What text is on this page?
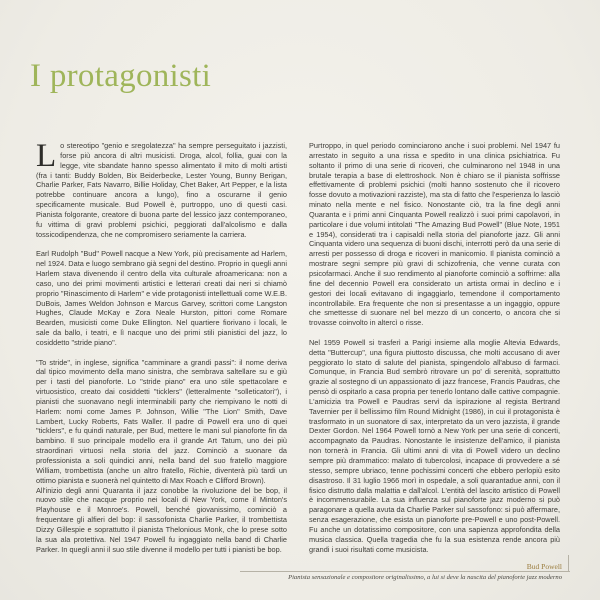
I protagonisti

Lo stereotipo "genio e sregolatezza" ha sempre perseguitato i jazzisti, forse più ancora di altri musicisti. Droga, alcol, follia, guai con la legge, vite sbandate hanno spesso alimentato il mito di molti artisti (fra i tanti: Buddy Bolden, Bix Beiderbecke, Lester Young, Bunny Berigan, Charlie Parker, Fats Navarro, Billie Holiday, Chet Baker, Art Pepper, e la lista potrebbe continuare ancora a lungo), fino a oscurarne il genio specificamente musicale. Bud Powell è, purtroppo, uno di questi casi. Pianista folgorante, creatore di buona parte del lessico jazz contemporaneo, fu vittima di gravi problemi psichici, peggiorati dall'alcolismo e dalla tossicodipendenza, che ne compromisero seriamente la carriera.

Earl Rudolph "Bud" Powell nacque a New York, più precisamente ad Harlem, nel 1924. Data e luogo sembrano già segni del destino. Proprio in quegli anni Harlem stava divenendo il centro della vita culturale afroamericana: non a caso, uno dei primi movimenti artistici e letterari creati dai neri si chiamò proprio "Rinascimento di Harlem" e vide protagonisti intellettuali come W.E.B. DuBois, James Weldon Johnson e Marcus Garvey, scrittori come Langston Hughes, Claude McKay e Zora Neale Hurston, pittori come Romare Bearden, musicisti come Duke Ellington. Nel quartiere fiorivano i locali, le sale da ballo, i teatri, e lì nacque uno dei primi stili pianistici del jazz, lo cosiddetto "stride piano".

"To stride", in inglese, significa "camminare a grandi passi": il nome deriva dal tipico movimento della mano sinistra, che sembrava saltellare su e giù per i tasti del pianoforte. Lo "stride piano" era uno stile spettacolare e virtuosistico, creato dai cosiddetti "ticklers" (letteralmente "solleticatori"), i pianisti che suonavano negli interminabili party che riempivano le notti di Harlem: nomi come James P. Johnson, Willie "The Lion" Smith, Dave Lambert, Lucky Roberts, Fats Waller. Il padre di Powell era uno di quei "ticklers", e fu quindi naturale, per Bud, mettere le mani sul pianoforte fin da bambino. Il suo principale modello era il grande Art Tatum, uno dei più straordinari virtuosi nella storia del jazz. Cominciò a suonare da professionista a soli quindici anni, nella band del suo fratello maggiore William, trombettista (anche un altro fratello, Richie, diventerà più tardi un ottimo pianista e suonerà nel quintetto di Max Roach e Clifford Brown).

All'inizio degli anni Quaranta il jazz conobbe la rivoluzione del be bop, il nuovo stile che nacque proprio nei locali di New York, come il Minton's Playhouse e il Monroe's. Powell, benché giovanissimo, cominciò a frequentare gli alfieri del bop: il sassofonista Charlie Parker, il trombettista Dizzy Gillespie e soprattutto il pianista Thelonious Monk, che lo prese sotto la sua ala protettiva. Nel 1947 Powell fu ingaggiato nella band di Charlie Parker. In quegli anni il suo stile divenne il modello per tutti i pianisti be bop.

Purtroppo, in quel periodo cominciarono anche i suoi problemi. Nel 1947 fu arrestato in seguito a una rissa e spedito in una clinica psichiatrica. Fu soltanto il primo di una serie di ricoveri, che culminarono nel 1948 in una brutale terapia a base di elettroshock. Non è chiaro se il pianista soffrisse effettivamente di problemi psichici (molti hanno sostenuto che il ricovero fosse dovuto a motivazioni razziste), ma sta di fatto che l'esperienza lo lasciò minato nella mente e nel fisico. Nonostante ciò, tra la fine degli anni Quaranta e i primi anni Cinquanta Powell realizzò i suoi primi capolavori, in particolare i due volumi intitolati "The Amazing Bud Powell" (Blue Note, 1951 e 1954), considerati tra i capisaldi nella storia del pianoforte jazz. Gli anni Cinquanta videro una sequenza di buoni dischi, interrotti però da una serie di arresti per possesso di droga e ricoveri in manicomio. Il pianista cominciò a mostrare segni sempre più gravi di schizofrenia, che venne curata con psicofarmaci. Anche il suo rendimento al pianoforte cominciò a soffrirne: alla fine del decennio Powell era considerato un artista ormai in declino e i gestori dei locali evitavano di ingaggiarlo, temendone il comportamento incontrollabile. Era frequente che non si presentasse a un ingaggio, oppure che smettesse di suonare nel bel mezzo di un concerto, o ancora che si trovasse coinvolto in altercì o risse.

Nel 1959 Powell si trasferì a Parigi insieme alla moglie Altevia Edwards, detta "Buttercup", una figura piuttosto discussa, che molti accusano di aver peggiorato lo stato di salute del pianista, spingendolo all'abuso di farmaci. Comunque, in Francia Bud sembrò ritrovare un po' di serenità, soprattutto grazie al sostegno di un appassionato di jazz francese, Francis Paudras, che pensò di ospitarlo a casa propria per tenerlo lontano dalle cattive compagnie. L'amicizia tra Powell e Paudras servì da ispirazione al regista Bertrand Tavernier per il bellissimo film Round Midnight (1986), in cui il protagonista è trasformato in un suonatore di sax, interpretato da un vero jazzista, il grande Dexter Gordon. Nel 1964 Powell tornò a New York per una serie di concerti, accompagnato da Paudras. Nonostante le insistenze dell'amico, il pianista non tornerà in Francia. Gli ultimi anni di vita di Powell videro un declino sempre più drammatico: malato di tubercolosi, incapace di provvedere a sé stesso, sempre ubriaco, tenne pochissimi concerti che ebbero perlopiù esito disastroso. Il 31 luglio 1966 morì in ospedale, a soli quarantadue anni, con il fisico distrutto dalla malattia e dall'alcol. L'entità del lascito artistico di Powell è incommensurabile. La sua influenza sul pianoforte jazz moderno si può paragonare a quella avuta da Charlie Parker sul sassofono: si può affermare, senza esagerazione, che esista un pianoforte pre-Powell e uno post-Powell. Fu anche un dotatissimo compositore, con una sapienza approfondita della musica classica. Quella tragedia che fu la sua esistenza rende ancora più grandi i suoi risultati come musicista.

Bud Powell
Pianista sensazionale e compositore originalissimo, a lui si deve la nascita del pianoforte jazz moderno
